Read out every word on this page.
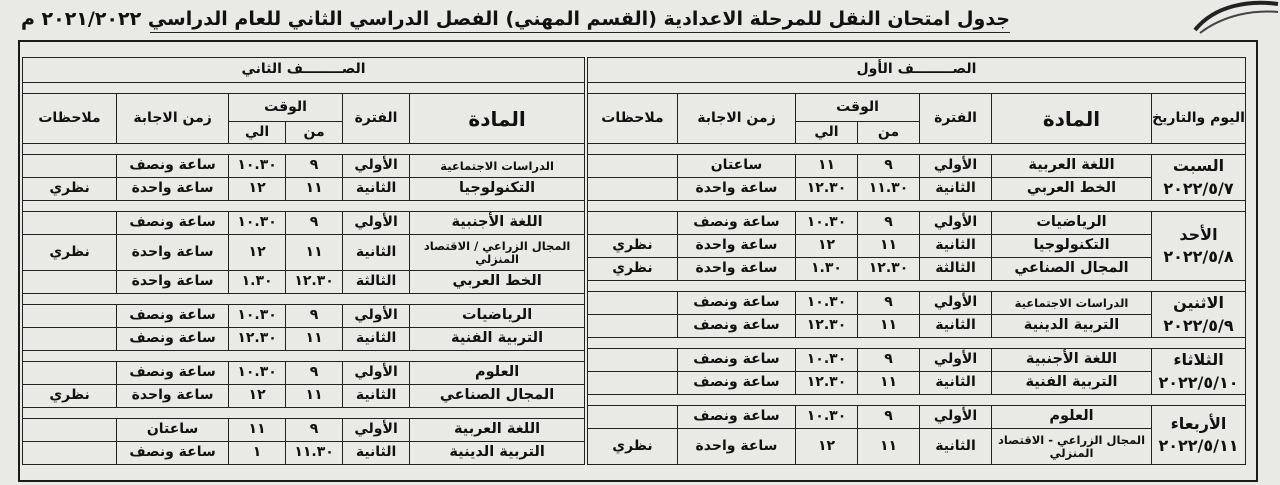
جدول امتحان النقل للمرحلة الاعدادية (القسم المهني) الفصل الدراسي الثاني للعام الدراسي ٢٠٢١/٢٠٢٢ م
الصــــــــف الأول						

اليوم والتاريخ	المادة	الفترة	الوقت		زمن الاجابة	ملاحظات
			من	الي		

السبت
٢٠٢٢/٥/٧	اللغة العربية	الأولي	٩	١١	ساعتان	
	الخط العربي	الثانية	١١.٣٠	١٢.٣٠	ساعة واحدة	

الأحد
٢٠٢٢/٥/٨	الرياضيات	الأولي	٩	١٠.٣٠	ساعة ونصف	
	التكنولوجيا	الثانية	١١	١٢	ساعة واحدة	نظري
	المجال الصناعي	الثالثة	١٢.٣٠	١.٣٠	ساعة واحدة	نظري

الاثنين
٢٠٢٢/٥/٩	الدراسات الاجتماعية	الأولي	٩	١٠.٣٠	ساعة ونصف	
	التربية الدينية	الثانية	١١	١٢.٣٠	ساعة ونصف	

الثلاثاء
٢٠٢٢/٥/١٠	اللغة الأجنبية	الأولي	٩	١٠.٣٠	ساعة ونصف	
	التربية الفنية	الثانية	١١	١٢.٣٠	ساعة ونصف	

الأربعاء
٢٠٢٢/٥/١١	العلوم	الأولي	٩	١٠.٣٠	ساعة ونصف	
	المجال الزراعي - الاقتصاد المنزلي	الثانية	١١	١٢	ساعة واحدة	نظري
الصــــــــف الثاني					

المادة	الفترة	الوقت		زمن الاجابة	ملاحظات
		من	الي		

الدراسات الاجتماعية	الأولي	٩	١٠.٣٠	ساعة ونصف	
التكنولوجيا	الثانية	١١	١٢	ساعة واحدة	نظري

اللغة الأجنبية	الأولي	٩	١٠.٣٠	ساعة ونصف	
المجال الزراعي / الاقتصاد المنزلي	الثانية	١١	١٢	ساعة واحدة	نظري
الخط العربي	الثالثة	١٢.٣٠	١.٣٠	ساعة واحدة	

الرياضيات	الأولي	٩	١٠.٣٠	ساعة ونصف	
التربية الفنية	الثانية	١١	١٢.٣٠	ساعة ونصف	

العلوم	الأولي	٩	١٠.٣٠	ساعة ونصف	
المجال الصناعي	الثانية	١١	١٢	ساعة واحدة	نظري

اللغة العربية	الأولي	٩	١١	ساعتان	
التربية الدينية	الثانية	١١.٣٠	١	ساعة ونصف	
